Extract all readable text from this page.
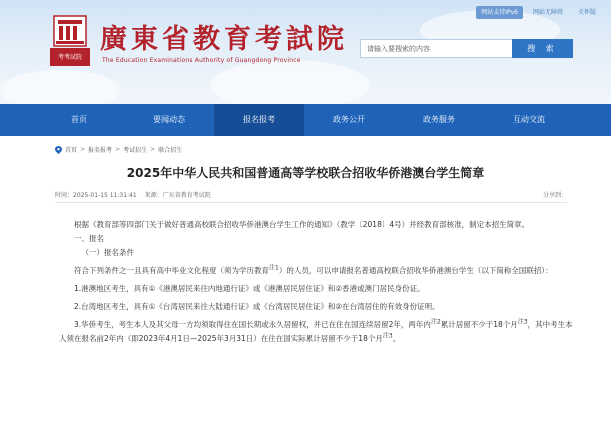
网站支持IPv6	网站无障碍	关怀版
考考試院
廣東省教育考試院
The Education Examinations Authority of Guangdong Province
请输入要搜索的内容
搜 索
首页	要闻动态	报名报考	政务公开	政务服务	互动交流
首页 > 报名报考 > 考试招生 > 联合招生
2025年中华人民共和国普通高等学校联合招收华侨港澳台学生简章
时间：2025-01-15 11:31:41 来源：广东省教育考试院	分享到：

根据《教育部等四部门关于做好普通高校联合招收华侨港澳台学生工作的通知》（教学〔2018〕4号）并经教育部核准，制定本招生简章。

一、报名

（一）报名条件

符合下列条件之一且具有高中毕业文化程度（须为学历教育$^{注1}$）的人员，可以申请报名普通高校联合招收华侨港澳台学生（以下简称全国联招）：

1.港澳地区考生，具有①《港澳居民来往内地通行证》或《港澳居民居住证》和②香港或澳门居民身份证。

2.台湾地区考生，具有①《台湾居民来往大陆通行证》或《台湾居民居住证》和②在台湾居住的有效身份证明。

3.华侨考生，考生本人及其父母一方均须取得住在国长期或永久居留权，并已在住在国连续居留2年，两年内$^{注2}$累计居留不少于18个月$^{注3}$，其中考生本人须在报名前2年内（即2023年4月1日—2025年3月31日）在住在国实际累计居留不少于18个月$^{注3}$。
